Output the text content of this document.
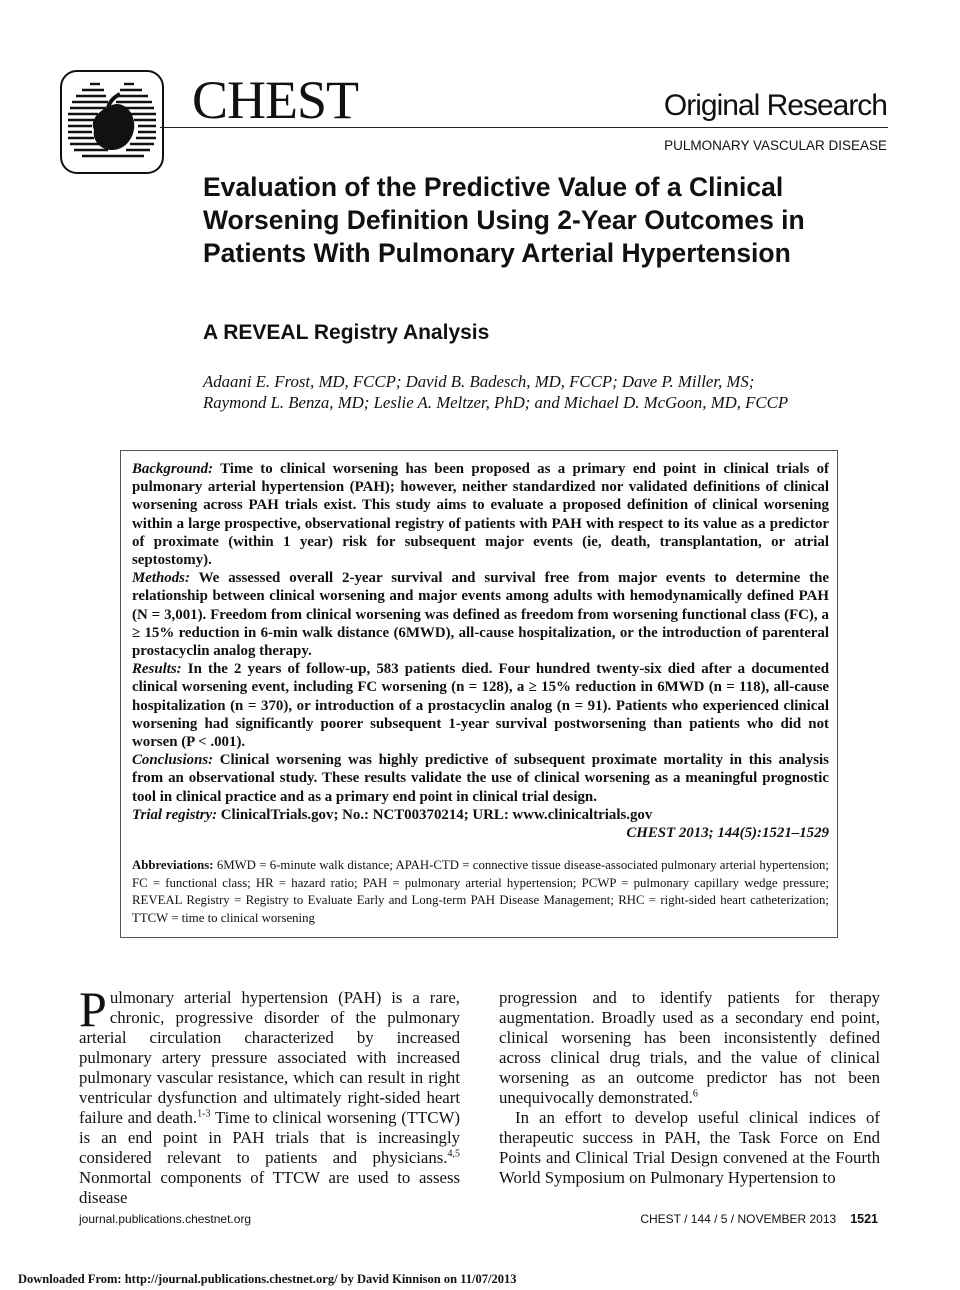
CHEST	Original Research
PULMONARY VASCULAR DISEASE
Evaluation of the Predictive Value of a Clinical Worsening Definition Using 2-Year Outcomes in Patients With Pulmonary Arterial Hypertension
A REVEAL Registry Analysis
Adaani E. Frost, MD, FCCP; David B. Badesch, MD, FCCP; Dave P. Miller, MS;
Raymond L. Benza, MD; Leslie A. Meltzer, PhD; and Michael D. McGoon, MD, FCCP

Background: Time to clinical worsening has been proposed as a primary end point in clinical trials of pulmonary arterial hypertension (PAH); however, neither standardized nor validated definitions of clinical worsening across PAH trials exist. This study aims to evaluate a proposed definition of clinical worsening within a large prospective, observational registry of patients with PAH with respect to its value as a predictor of proximate (within 1 year) risk for subsequent major events (ie, death, transplantation, or atrial septostomy).

Methods: We assessed overall 2-year survival and survival free from major events to determine the relationship between clinical worsening and major events among adults with hemodynamically defined PAH (N = 3,001). Freedom from clinical worsening was defined as freedom from worsening functional class (FC), a ≥ 15% reduction in 6-min walk distance (6MWD), all-cause hospitalization, or the introduction of parenteral prostacyclin analog therapy.

Results: In the 2 years of follow-up, 583 patients died. Four hundred twenty-six died after a documented clinical worsening event, including FC worsening (n = 128), a ≥ 15% reduction in 6MWD (n = 118), all-cause hospitalization (n = 370), or introduction of a prostacyclin analog (n = 91). Patients who experienced clinical worsening had significantly poorer subsequent 1-year survival postworsening than patients who did not worsen (P < .001).

Conclusions: Clinical worsening was highly predictive of subsequent proximate mortality in this analysis from an observational study. These results validate the use of clinical worsening as a meaningful prognostic tool in clinical practice and as a primary end point in clinical trial design.

Trial registry: ClinicalTrials.gov; No.: NCT00370214; URL: www.clinicaltrials.gov

CHEST 2013; 144(5):1521–1529

Abbreviations: 6MWD = 6-minute walk distance; APAH-CTD = connective tissue disease-associated pulmonary arterial hypertension; FC = functional class; HR = hazard ratio; PAH = pulmonary arterial hypertension; PCWP = pulmonary capillary wedge pressure; REVEAL Registry = Registry to Evaluate Early and Long-term PAH Disease Management; RHC = right-sided heart catheterization; TTCW = time to clinical worsening

Pulmonary arterial hypertension (PAH) is a rare, chronic, progressive disorder of the pulmonary arterial circulation characterized by increased pulmonary artery pressure associated with increased pulmonary vascular resistance, which can result in right ventricular dysfunction and ultimately right-sided heart failure and death.$^{1-3}$ Time to clinical worsening (TTCW) is an end point in PAH trials that is increasingly considered relevant to patients and physicians.$^{4,5}$ Nonmortal components of TTCW are used to assess disease

progression and to identify patients for therapy augmentation. Broadly used as a secondary end point, clinical worsening has been inconsistently defined across clinical drug trials, and the value of clinical worsening as an outcome predictor has not been unequivocally demonstrated.$^6$

In an effort to develop useful clinical indices of therapeutic success in PAH, the Task Force on End Points and Clinical Trial Design convened at the Fourth World Symposium on Pulmonary Hypertension to

journal.publications.chestnet.org	CHEST / 144 / 5 / NOVEMBER 2013 1521
Downloaded From: http://journal.publications.chestnet.org/ by David Kinnison on 11/07/2013
